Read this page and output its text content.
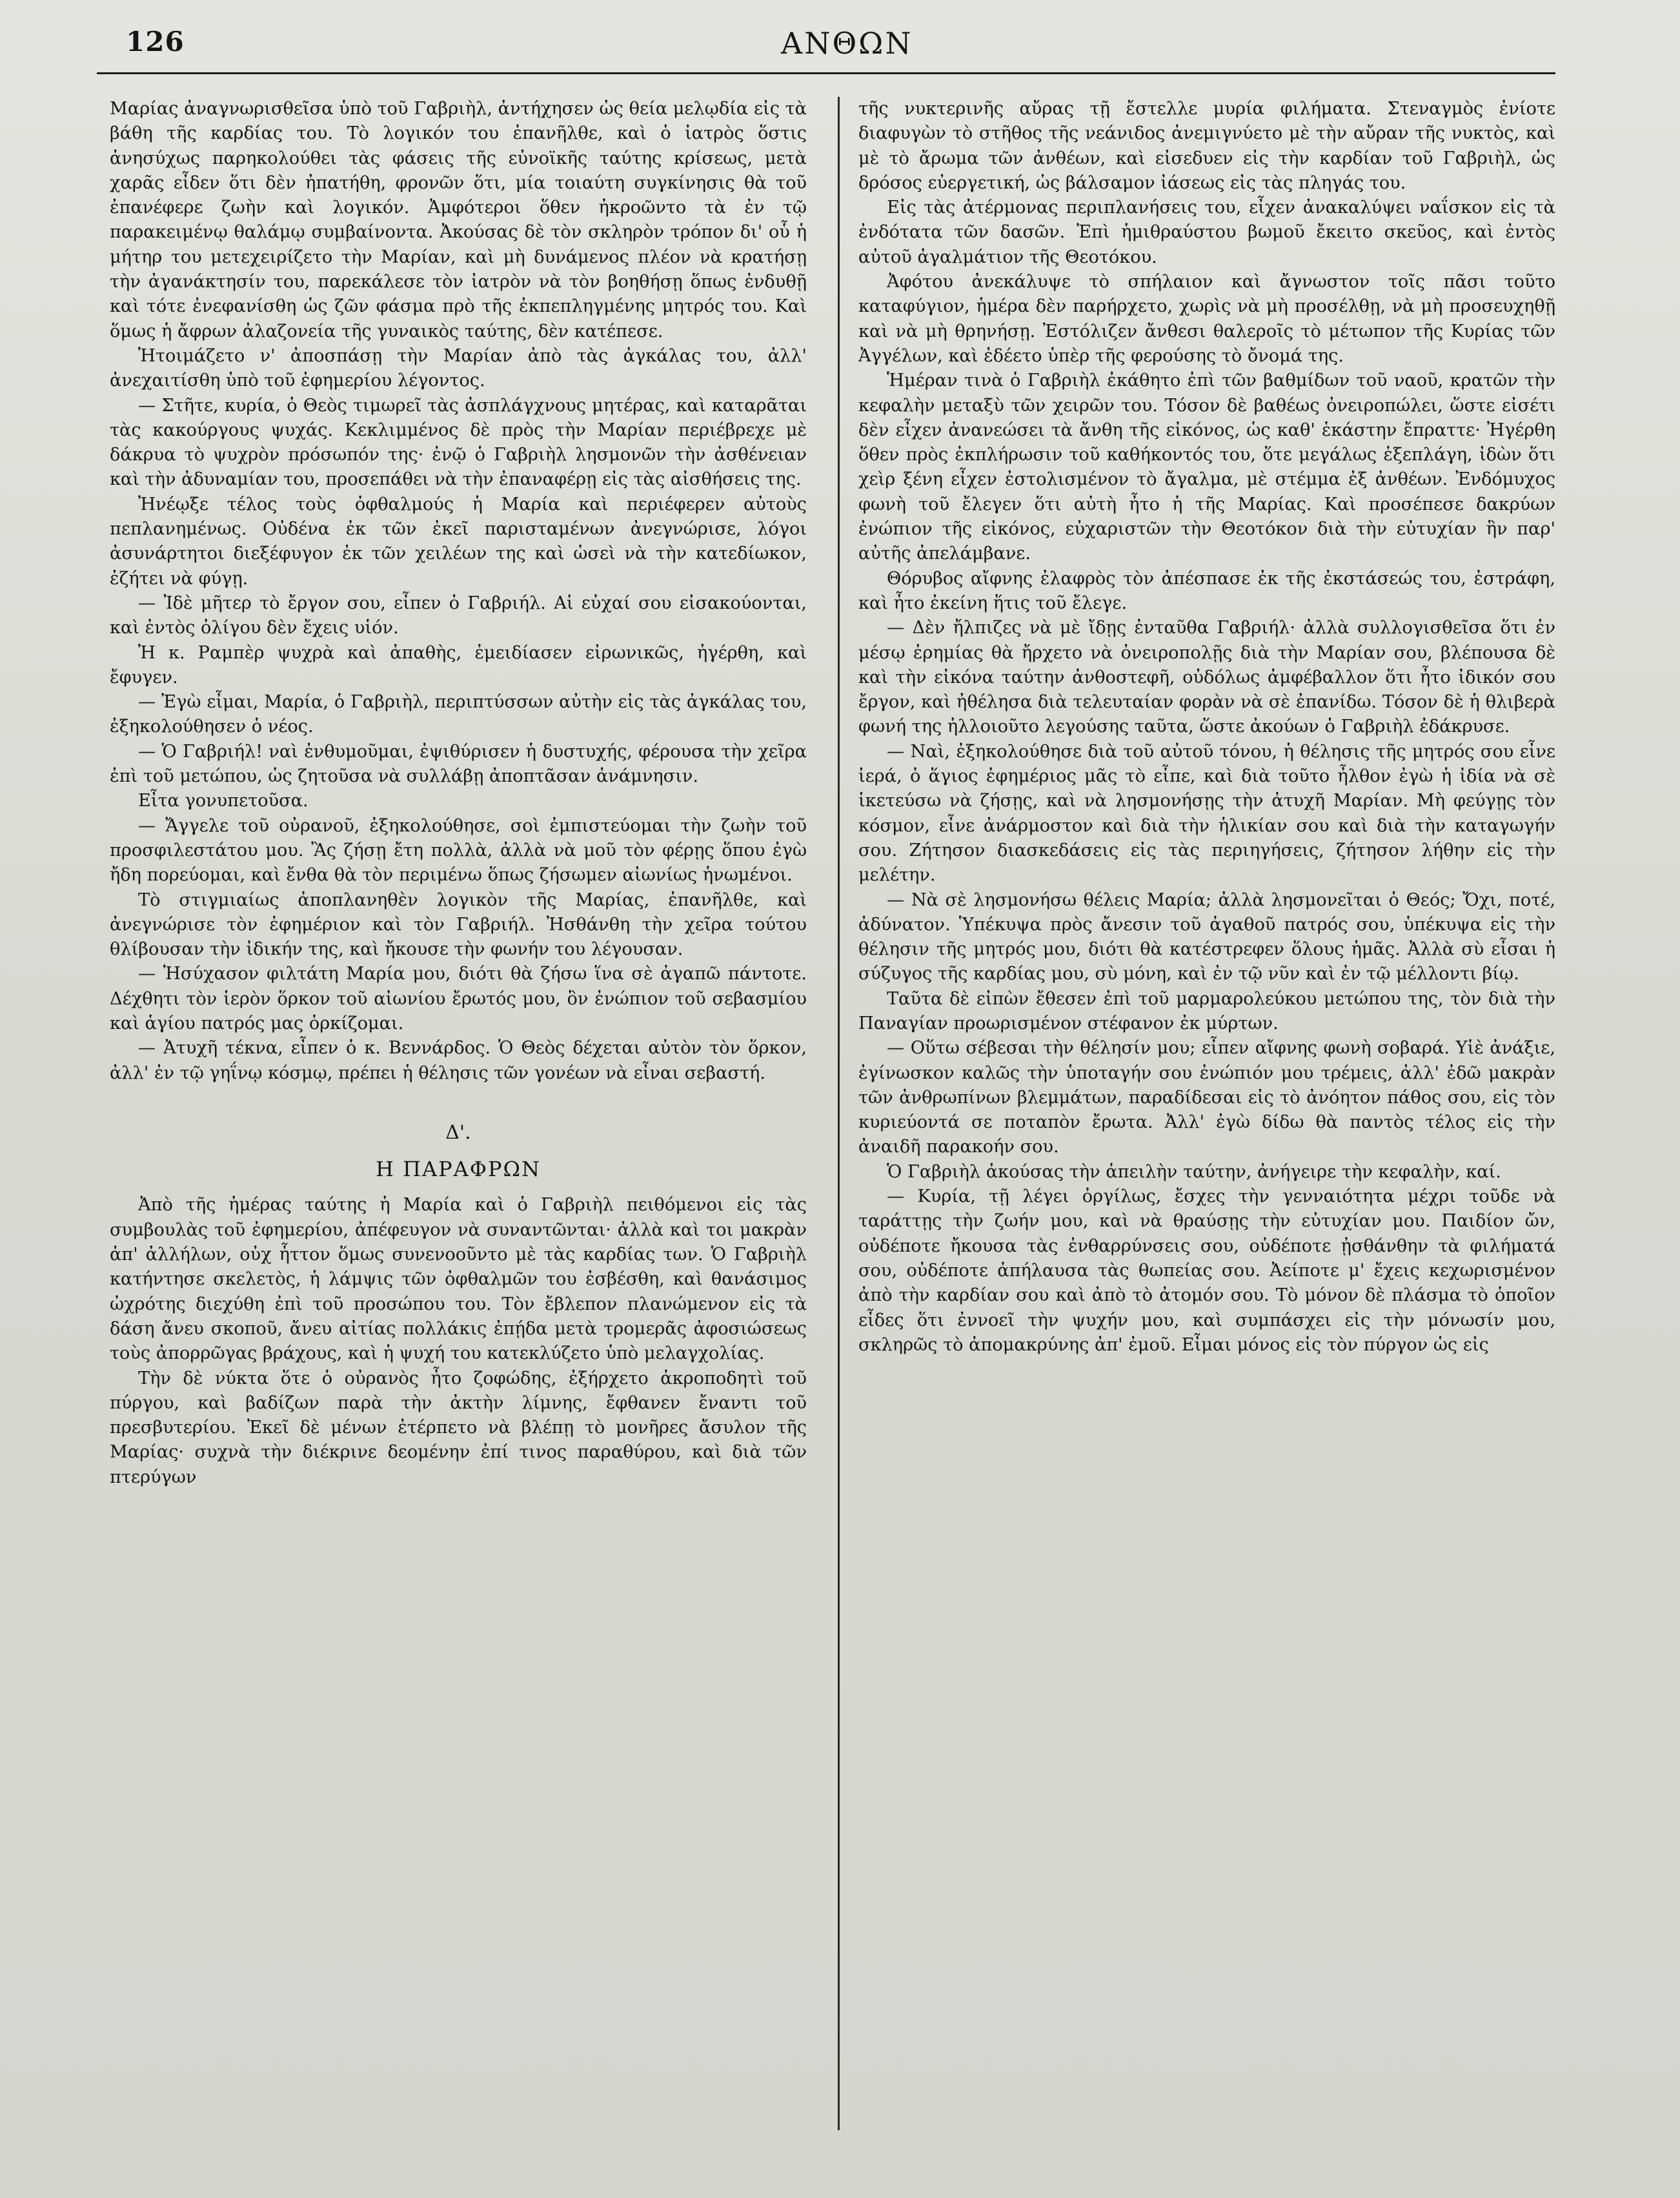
126	ΑΝΘΩΝ

Μαρίας ἀναγνωρισθεῖσα ὑπὸ τοῦ Γαβριὴλ, ἀντήχησεν ὡς θεία μελῳδία εἰς τὰ βάθη τῆς καρδίας του. Τὸ λογικόν του ἐπανῆλθε, καὶ ὁ ἰατρὸς ὅστις ἀνησύχως παρηκολούθει τὰς φάσεις τῆς εὐνοϊκῆς ταύτης κρίσεως, μετὰ χαρᾶς εἶδεν ὅτι δὲν ἠπατήθη, φρονῶν ὅτι, μία τοιαύτη συγκίνησις θὰ τοῦ ἐπανέφερε ζωὴν καὶ λογικόν. Ἀμφότεροι ὅθεν ἠκροῶντο τὰ ἐν τῷ παρακειμένῳ θαλάμῳ συμβαίνοντα. Ἀκούσας δὲ τὸν σκληρὸν τρόπον δι' οὗ ἡ μήτηρ του μετεχειρίζετο τὴν Μαρίαν, καὶ μὴ δυνάμενος πλέον νὰ κρατήσῃ τὴν ἀγανάκτησίν του, παρεκάλεσε τὸν ἰατρὸν νὰ τὸν βοηθήσῃ ὅπως ἐνδυθῇ καὶ τότε ἐνεφανίσθη ὡς ζῶν φάσμα πρὸ τῆς ἐκπεπληγμένης μητρός του. Καὶ ὅμως ἡ ἄφρων ἀλαζονεία τῆς γυναικὸς ταύτης, δὲν κατέπεσε.

Ἡτοιμάζετο ν' ἀποσπάσῃ τὴν Μαρίαν ἀπὸ τὰς ἀγκάλας του, ἀλλ' ἀνεχαιτίσθη ὑπὸ τοῦ ἐφημερίου λέγοντος.

— Στῆτε, κυρία, ὁ Θεὸς τιμωρεῖ τὰς ἀσπλάγχνους μητέρας, καὶ καταρᾶται τὰς κακούργους ψυχάς. Κεκλιμμένος δὲ πρὸς τὴν Μαρίαν περιέβρεχε μὲ δάκρυα τὸ ψυχρὸν πρόσωπόν της· ἐνῷ ὁ Γαβριὴλ λησμονῶν τὴν ἀσθένειαν καὶ τὴν ἀδυναμίαν του, προσεπάθει νὰ τὴν ἐπαναφέρῃ εἰς τὰς αἰσθήσεις της.

Ἠνέῳξε τέλος τοὺς ὀφθαλμούς ἡ Μαρία καὶ περιέφερεν αὐτοὺς πεπλανημένως. Οὐδένα ἐκ τῶν ἐκεῖ παρισταμένων ἀνεγνώρισε, λόγοι ἀσυνάρτητοι διεξέφυγον ἐκ τῶν χειλέων της καὶ ὡσεὶ νὰ τὴν κατεδίωκον, ἐζήτει νὰ φύγῃ.

— Ἰδὲ μῆτερ τὸ ἔργον σου, εἶπεν ὁ Γαβριήλ. Αἱ εὐχαί σου εἰσακούονται, καὶ ἐντὸς ὀλίγου δὲν ἔχεις υἱόν.

Ἡ κ. Ραμπὲρ ψυχρὰ καὶ ἀπαθὴς, ἐμειδίασεν εἰρωνικῶς, ἠγέρθη, καὶ ἔφυγεν.

— Ἐγὼ εἶμαι, Μαρία, ὁ Γαβριὴλ, περιπτύσσων αὐτὴν εἰς τὰς ἀγκάλας του, ἐξηκολούθησεν ὁ νέος.

— Ὁ Γαβριήλ! ναὶ ἐνθυμοῦμαι, ἐψιθύρισεν ἡ δυστυχής, φέρουσα τὴν χεῖρα ἐπὶ τοῦ μετώπου, ὡς ζητοῦσα νὰ συλλάβῃ ἀποπτᾶσαν ἀνάμνησιν.

Εἶτα γονυπετοῦσα.

— Ἄγγελε τοῦ οὐρανοῦ, ἐξηκολούθησε, σοὶ ἐμπιστεύομαι τὴν ζωὴν τοῦ προσφιλεστάτου μου. Ἂς ζήσῃ ἔτη πολλὰ, ἀλλὰ νὰ μοῦ τὸν φέρῃς ὅπου ἐγὼ ἤδη πορεύομαι, καὶ ἔνθα θὰ τὸν περιμένω ὅπως ζήσωμεν αἰωνίως ἡνωμένοι.

Τὸ στιγμιαίως ἀποπλανηθὲν λογικὸν τῆς Μαρίας, ἐπανῆλθε, καὶ ἀνεγνώρισε τὸν ἐφημέριον καὶ τὸν Γαβριήλ. Ἠσθάνθη τὴν χεῖρα τούτου θλίβουσαν τὴν ἰδικήν της, καὶ ἤκουσε τὴν φωνήν του λέγουσαν.

— Ἡσύχασον φιλτάτη Μαρία μου, διότι θὰ ζήσω ἵνα σὲ ἀγαπῶ πάντοτε. Δέχθητι τὸν ἱερὸν ὅρκον τοῦ αἰωνίου ἔρωτός μου, ὃν ἐνώπιον τοῦ σεβασμίου καὶ ἁγίου πατρός μας ὁρκίζομαι.

— Ἀτυχῆ τέκνα, εἶπεν ὁ κ. Βεννάρδος. Ὁ Θεὸς δέχεται αὐτὸν τὸν ὅρκον, ἀλλ' ἐν τῷ γηΐνῳ κόσμῳ, πρέπει ἡ θέλησις τῶν γονέων νὰ εἶναι σεβαστή.

Δ'.
Η ΠΑΡΑΦΡΩΝ

Ἀπὸ τῆς ἡμέρας ταύτης ἡ Μαρία καὶ ὁ Γαβριὴλ πειθόμενοι εἰς τὰς συμβουλὰς τοῦ ἐφημερίου, ἀπέφευγον νὰ συναντῶνται· ἀλλὰ καὶ τοι μακρὰν ἀπ' ἀλλήλων, οὐχ ἧττον ὅμως συνενοοῦντο μὲ τὰς καρδίας των. Ὁ Γαβριὴλ κατήντησε σκελετὸς, ἡ λάμψις τῶν ὀφθαλμῶν του ἐσβέσθη, καὶ θανάσιμος ὠχρότης διεχύθη ἐπὶ τοῦ προσώπου του. Τὸν ἔβλεπον πλανώμενον εἰς τὰ δάση ἄνευ σκοποῦ, ἄνευ αἰτίας πολλάκις ἐπῄδα μετὰ τρομερᾶς ἀφοσιώσεως τοὺς ἀπορρῶγας βράχους, καὶ ἡ ψυχή του κατεκλύζετο ὑπὸ μελαγχολίας.

Τὴν δὲ νύκτα ὅτε ὁ οὐρανὸς ἦτο ζοφώδης, ἐξήρχετο ἀκροποδητὶ τοῦ πύργου, καὶ βαδίζων παρὰ τὴν ἀκτὴν λίμνης, ἔφθανεν ἔναντι τοῦ πρεσβυτερίου. Ἐκεῖ δὲ μένων ἐτέρπετο νὰ βλέπῃ τὸ μονῆρες ἄσυλον τῆς Μαρίας· συχνὰ τὴν διέκρινε δεομένην ἐπί τινος παραθύρου, καὶ διὰ τῶν πτερύγων

τῆς νυκτερινῆς αὔρας τῇ ἔστελλε μυρία φιλήματα. Στεναγμὸς ἐνίοτε διαφυγὼν τὸ στῆθος τῆς νεάνιδος ἀνεμιγνύετο μὲ τὴν αὔραν τῆς νυκτὸς, καὶ μὲ τὸ ἄρωμα τῶν ἀνθέων, καὶ εἰσεδυεν εἰς τὴν καρδίαν τοῦ Γαβριὴλ, ὡς δρόσος εὐεργετική, ὡς βάλσαμον ἰάσεως εἰς τὰς πληγάς του.

Εἰς τὰς ἀτέρμονας περιπλανήσεις του, εἶχεν ἀνακαλύψει ναΐσκον εἰς τὰ ἐνδότατα τῶν δασῶν. Ἐπὶ ἡμιθραύστου βωμοῦ ἔκειτο σκεῦος, καὶ ἐντὸς αὐτοῦ ἀγαλμάτιον τῆς Θεοτόκου.

Ἀφότου ἀνεκάλυψε τὸ σπήλαιον καὶ ἄγνωστον τοῖς πᾶσι τοῦτο καταφύγιον, ἡμέρα δὲν παρήρχετο, χωρὶς νὰ μὴ προσέλθῃ, νὰ μὴ προσευχηθῇ καὶ νὰ μὴ θρηνήσῃ. Ἐστόλιζεν ἄνθεσι θαλεροῖς τὸ μέτωπον τῆς Κυρίας τῶν Ἀγγέλων, καὶ ἐδέετο ὑπὲρ τῆς φερούσης τὸ ὄνομά της.

Ἡμέραν τινὰ ὁ Γαβριὴλ ἐκάθητο ἐπὶ τῶν βαθμίδων τοῦ ναοῦ, κρατῶν τὴν κεφαλὴν μεταξὺ τῶν χειρῶν του. Τόσον δὲ βαθέως ὀνειροπώλει, ὥστε εἰσέτι δὲν εἶχεν ἀνανεώσει τὰ ἄνθη τῆς εἰκόνος, ὡς καθ' ἑκάστην ἔπραττε· Ἠγέρθη ὅθεν πρὸς ἐκπλήρωσιν τοῦ καθήκοντός του, ὅτε μεγάλως ἐξεπλάγη, ἰδὼν ὅτι χεὶρ ξένη εἶχεν ἐστολισμένον τὸ ἄγαλμα, μὲ στέμμα ἐξ ἀνθέων. Ἐνδόμυχος φωνὴ τοῦ ἔλεγεν ὅτι αὐτὴ ἦτο ἡ τῆς Μαρίας. Καὶ προσέπεσε δακρύων ἐνώπιον τῆς εἰκόνος, εὐχαριστῶν τὴν Θεοτόκον διὰ τὴν εὐτυχίαν ἣν παρ' αὐτῆς ἀπελάμβανε.

Θόρυβος αἴφνης ἐλαφρὸς τὸν ἀπέσπασε ἐκ τῆς ἐκστάσεώς του, ἐστράφη, καὶ ἦτο ἐκείνη ἥτις τοῦ ἔλεγε.

— Δὲν ἤλπιζες νὰ μὲ ἴδῃς ἐνταῦθα Γαβριήλ· ἀλλὰ συλλογισθεῖσα ὅτι ἐν μέσῳ ἐρημίας θὰ ἤρχετο νὰ ὀνειροπολῇς διὰ τὴν Μαρίαν σου, βλέπουσα δὲ καὶ τὴν εἰκόνα ταύτην ἀνθοστεφῆ, οὐδόλως ἀμφέβαλλον ὅτι ἦτο ἰδικόν σου ἔργον, καὶ ἠθέλησα διὰ τελευταίαν φορὰν νὰ σὲ ἐπανίδω. Τόσον δὲ ἡ θλιβερὰ φωνή της ἠλλοιοῦτο λεγούσης ταῦτα, ὥστε ἀκούων ὁ Γαβριὴλ ἐδάκρυσε.

— Ναὶ, ἐξηκολούθησε διὰ τοῦ αὐτοῦ τόνου, ἡ θέλησις τῆς μητρός σου εἶνε ἱερά, ὁ ἅγιος ἐφημέριος μᾶς τὸ εἶπε, καὶ διὰ τοῦτο ἦλθον ἐγὼ ἡ ἰδία νὰ σὲ ἱκετεύσω νὰ ζήσῃς, καὶ νὰ λησμονήσῃς τὴν ἀτυχῆ Μαρίαν. Μὴ φεύγῃς τὸν κόσμον, εἶνε ἀνάρμοστον καὶ διὰ τὴν ἡλικίαν σου καὶ διὰ τὴν καταγωγήν σου. Ζήτησον διασκεδάσεις εἰς τὰς περιηγήσεις, ζήτησον λήθην εἰς τὴν μελέτην.

— Νὰ σὲ λησμονήσω θέλεις Μαρία; ἀλλὰ λησμονεῖται ὁ Θεός; Ὄχι, ποτέ, ἀδύνατον. Ὑπέκυψα πρὸς ἄνεσιν τοῦ ἀγαθοῦ πατρός σου, ὑπέκυψα εἰς τὴν θέλησιν τῆς μητρός μου, διότι θὰ κατέστρεφεν ὅλους ἡμᾶς. Ἀλλὰ σὺ εἶσαι ἡ σύζυγος τῆς καρδίας μου, σὺ μόνη, καὶ ἐν τῷ νῦν καὶ ἐν τῷ μέλλοντι βίῳ.

Ταῦτα δὲ εἰπὼν ἔθεσεν ἐπὶ τοῦ μαρμαρολεύκου μετώπου της, τὸν διὰ τὴν Παναγίαν προωρισμένον στέφανον ἐκ μύρτων.

— Οὕτω σέβεσαι τὴν θέλησίν μου; εἶπεν αἴφνης φωνὴ σοβαρά. Υἱὲ ἀνάξιε, ἐγίνωσκον καλῶς τὴν ὑποταγήν σου ἐνώπιόν μου τρέμεις, ἀλλ' ἐδῶ μακρὰν τῶν ἀνθρωπίνων βλεμμάτων, παραδίδεσαι εἰς τὸ ἀνόητον πάθος σου, εἰς τὸν κυριεύοντά σε ποταπὸν ἔρωτα. Ἀλλ' ἐγὼ δίδω θὰ παντὸς τέλος εἰς τὴν ἀναιδῆ παρακοήν σου.

Ὁ Γαβριὴλ ἀκούσας τὴν ἀπειλὴν ταύτην, ἀνήγειρε τὴν κεφαλὴν, καί.

— Κυρία, τῇ λέγει ὀργίλως, ἔσχες τὴν γενναιότητα μέχρι τοῦδε νὰ ταράττῃς τὴν ζωήν μου, καὶ νὰ θραύσῃς τὴν εὐτυχίαν μου. Παιδίον ὤν, οὐδέποτε ἤκουσα τὰς ἐνθαρρύνσεις σου, οὐδέποτε ᾐσθάνθην τὰ φιλήματά σου, οὐδέποτε ἀπήλαυσα τὰς θωπείας σου. Ἀείποτε μ' ἔχεις κεχωρισμένον ἀπὸ τὴν καρδίαν σου καὶ ἀπὸ τὸ ἀτομόν σου. Τὸ μόνον δὲ πλάσμα τὸ ὁποῖον εἶδες ὅτι ἐννοεῖ τὴν ψυχήν μου, καὶ συμπάσχει εἰς τὴν μόνωσίν μου, σκληρῶς τὸ ἀπομακρύνης ἀπ' ἐμοῦ. Εἶμαι μόνος εἰς τὸν πύργον ὡς εἰς
